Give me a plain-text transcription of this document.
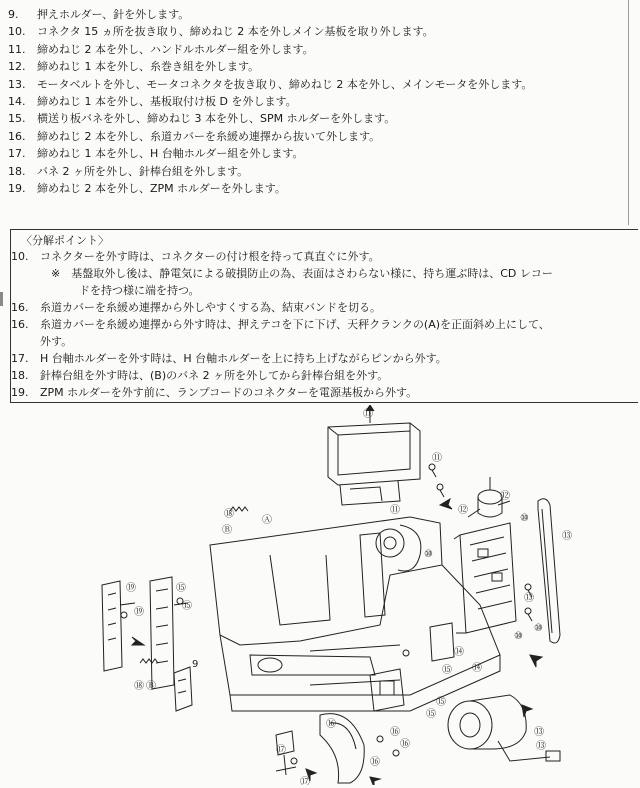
9.	押えホルダー、針を外します。
10.	コネクタ 15 ヵ所を抜き取り、締めねじ 2 本を外しメイン基板を取り外します。
11.	締めねじ 2 本を外し、ハンドルホルダー組を外します。
12.	締めねじ 1 本を外し、糸巻き組を外します。
13.	モータベルトを外し、モータコネクタを抜き取り、締めねじ 2 本を外し、メインモータを外します。
14.	締めねじ 1 本を外し、基板取付け板 D を外します。
15.	横送り板バネを外し、締めねじ 3 本を外し、SPM ホルダーを外します。
16.	締めねじ 2 本を外し、糸道カバーを糸緩め連擇から抜いて外します。
17.	締めねじ 1 本を外し、H 台軸ホルダー組を外します。
18.	バネ 2 ヶ所を外し、針棒台組を外します。
19.	締めねじ 2 本を外し、ZPM ホルダーを外します。
〈分解ポイント〉
10. コネクターを外す時は、コネクターの付け根を持って真直ぐに外す。
※　基盤取外し後は、静電気による破損防止の為、表面はさわらない様に、持ち運ぶ時は、CD レコー
ドを持つ様に端を持つ。
16. 糸道カバーを糸緩め連擇から外しやすくする為、結束バンドを切る。
16. 糸道カバーを糸緩め連擇から外す時は、押えテコを下に下げ、天秤クランクの(A)を正面斜め上にして、
外す。
17. H 台軸ホルダーを外す時は、H 台軸ホルダーを上に持ち上げながらピンから外す。
18. 針棒台組を外す時は、(B)のバネ 2 ヶ所を外してから針棒台組を外す。
19. ZPM ホルダーを外す前に、ランプコードのコネクターを電源基板から外す。
⑪
⑪
⑪
⑫
⑫
⑬
⑩
⑬
⑩
⑩
⑩
⑭
⑭
⑮
⑮
⑮
⑬
⑬
⑯
⑯
⑯
⑰
⑰
⑲
⑲
⑮
⑮
⑱ Ⓑ
Ⓑ
⑱
Ⓐ
9
⑯
